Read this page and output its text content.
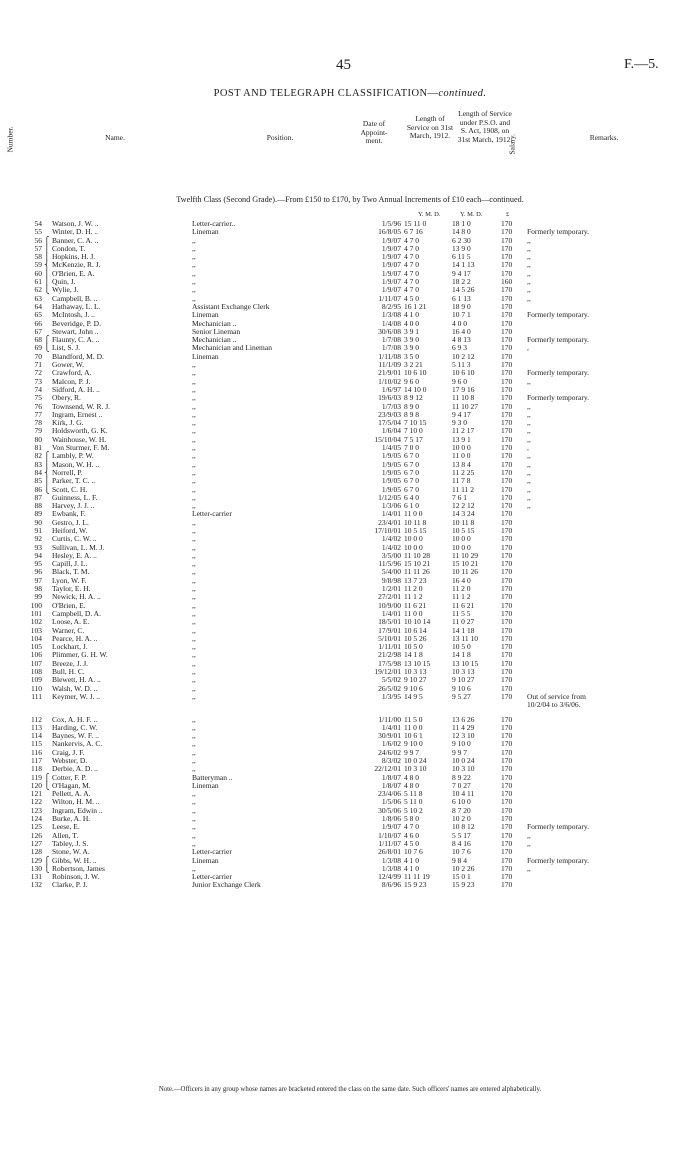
45	F.—5.
POST AND TELEGRAPH CLASSIFICATION—continued.
Number.	Name.	Position.
Date of Appoint- ment.
Length of Service on 31st March, 1912.
Length of Service under P.S.O. and S. Act, 1908, on 31st March, 1912.
Salary.	Remarks.
Twelfth Class (Second Grade).—From £150 to £170, by Two Annual Increments of £10 each—continued.
Y. M. D.	Y. M. D.	£
54 Watson, J. W. ..	Letter-carrier..	1/5/96 15 11 0	18 1 0	170
55 Winter, D. H. ..	Lineman	16/8/05 6 7 16	14 8 0	170	Formerly temporary.
56 ⎧ Banner, C. A. ..	,,	1/9/07 4 7 0	6 2 30	170	,,
57 ⎪ Condon, T.	,,	1/9/07 4 7 0	13 9 0	170	,,
58 ⎪ Hopkins, H. J.	,,	1/9/07 4 7 0	6 11 5	170	,,
59 ⎨ McKenzie, R. J.	,,	1/9/07 4 7 0	14 1 13	170	,,
60 ⎪ O'Brien, E. A.	,,	1/9/07 4 7 0	9 4 17	170	,,
61 ⎪ Quin, J.	,,	1/9/07 4 7 0	18 2 2	160	,,
62 ⎩ Wylie, J.	,,	1/9/07 4 7 0	14 5 26	170	,,
63 Campbell, B. ..	,,	1/11/07 4 5 0	6 1 13	170	,,
64 Hathaway, L. L.	Assistant Exchange Clerk	8/2/95 16 1 21	18 9 0	170
65 McIntosh, J. ..	Lineman	1/3/08 4 1 0	10 7 1	170	Formerly temporary.
66 Beveridge, P. D.	Mechanician ..	1/4/08 4 0 0	4 0 0	170
67 Stewart, John ..	Senior Lineman	30/6/08 3 9 1	16 4 0	170
68 ⎧ Flaunty, C. A. ..	Mechanician ..	1/7/08 3 9 0	4 8 13	170	Formerly temporary.
69 ⎩ List, S. J.	Mechanician and Lineman	1/7/08 3 9 0	6 9 3	170	,
70 Blandford, M. D.	Lineman	1/11/08 3 5 0	10 2 12	170
71 Gower, W.	,,	11/1/09 3 2 21	5 11 3	170
72 Crawford, A.	,,	21/9/01 10 6 10	10 6 10	170	Formerly temporary.
73 Malcon, P. J.	,,	1/10/02 9 6 0	9 6 0	170	,,
74 Sidford, A. H. ..	,,	1/6/97 14 10 0	17 9 16	170
75 Obery, R.	,,	19/6/03 8 9 12	11 10 8	170	Formerly temporary.
76 Townsend, W. R. J.	,,	1/7/03 8 9 0	11 10 27	170	,,
77 Ingram, Ernest ..	,,	23/9/03 8 9 8	9 4 17	170	,,
78 Kirk, J. G.	,,	17/5/04 7 10 15	9 3 0	170	,,
79 Holdsworth, G. K.	,,	1/6/04 7 10 0	11 2 17	170	,,
80 Wainhouse, W. H.	,,	15/10/04 7 5 17	13 9 1	170	,,
81 Von Sturmer, F. M.	,,	1/4/05 7 0 0	10 0 0	170	,
82 ⎧ Lambly, P. W.	,,	1/9/05 6 7 0	11 0 0	170	,,
83 ⎪ Mason, W. H. ..	,,	1/9/05 6 7 0	13 8 4	170	,,
84 ⎨ Norrell, P.	,,	1/9/05 6 7 0	11 2 25	170	,,
85 ⎪ Parker, T. C. ..	,,	1/9/05 6 7 0	11 7 8	170	,,
86 ⎩ Scott, C. H.	,,	1/9/05 6 7 0	11 11 2	170	,,
87 Guinness, L. F.	,,	1/12/05 6 4 0	7 6 1	170	,,
88 Harvey, J. J. ..	,,	1/3/06 6 1 0	12 2 12	170	,,
89 Ewbank, F.	Letter-carrier	1/4/01 11 0 0	14 3 24	170
90 Gestro, J. L.	,,	23/4/01 10 11 8	10 11 8	170
91 Heiford, W.	,,	17/10/01 10 5 15	10 5 15	170
92 Curtis, C. W. ..	,,	1/4/02 10 0 0	10 0 0	170
93 Sullivan, L. M. J.	,,	1/4/02 10 0 0	10 0 0	170
94 Hesley, E. A. ..	,,	3/5/00 11 10 28	11 10 29	170
95 Capill, J. L.	,,	11/5/96 15 10 21	15 10 21	170
96 Black, T. M.	,,	5/4/00 11 11 26	10 11 26	170
97 Lyon, W. F.	,,	9/8/98 13 7 23	16 4 0	170
98 Taylor, E. H.	,,	1/2/01 11 2 0	11 2 0	170
99 Newick, H. A. ..	,,	27/2/01 11 1 2	11 1 2	170
100 O'Brien, E.	,,	10/9/00 11 6 21	11 6 21	170
101 Campbell, D. A.	,,	1/4/01 11 0 0	11 5 5	170
102 Loose, A. E.	,,	18/5/01 10 10 14	11 0 27	170
103 Warner, C.	,,	17/9/01 10 6 14	14 1 18	170
104 Pearce, H. A. ..	,,	5/10/01 10 5 26	13 11 10	170
105 Lockhart, J.	,,	1/11/01 10 5 0	10 5 0	170
106 Plimmer, G. H. W.	,,	21/2/98 14 1 8	14 1 8	170
107 Breeze, J. J.	,,	17/5/98 13 10 15	13 10 15	170
108 Bull, H. C.	,,	19/12/01 10 3 13	10 3 13	170
109 Blewett, H. A. ..	,,	5/5/02 9 10 27	9 10 27	170
110 Walsh, W. D. ..	,,	26/5/02 9 10 6	9 10 6	170
111 Keymer, W. J. ..	,,	1/3/95 14 9 5	9 5 27	170	Out of service from
10/2/04 to 3/6/06.
112 Cox, A. H. F. ..	,,	1/11/00 11 5 0	13 6 26	170
113 Harding, C. W.	,,	1/4/01 11 0 0	11 4 29	170
114 Baynes, W. F. ..	,,	30/9/01 10 6 1	12 3 10	170
115 Nankervis, A. C.	,,	1/6/02 9 10 0	9 10 0	170
116 Craig, J. F.	,,	24/6/02 9 9 7	9 9 7	170
117 Webster, D.	,,	8/3/02 10 0 24	10 0 24	170
118 Derbie, A. D. ..	,,	22/12/01 10 3 10	10 3 10	170
119 ⎧ Cotter, F. P.	Batteryman ..	1/8/07 4 8 0	8 9 22	170
120 ⎩ O'Hagan, M.	Lineman	1/8/07 4 8 0	7 0 27	170
121 Pellett, A. A.	,,	23/4/06 5 11 8	10 4 11	170
122 Wilton, H. M. ..	,,	1/5/06 5 11 0	6 10 0	170
123 Ingram, Edwin ..	,,	30/5/06 5 10 2	8 7 20	170
124 Burke, A. H.	,,	1/8/06 5 8 0	10 2 0	170
125 Leese, E.	,,	1/9/07 4 7 0	10 8 12	170	Formerly temporary.
126 Allen, T.	,,	1/10/07 4 6 0	5 5 17	170	,,
127 Tabley, J. S.	,,	1/11/07 4 5 0	8 4 16	170	,,
128 Stone, W. A.	Letter-carrier	26/8/01 10 7 6	10 7 6	170
129 ⎧ Gibbs, W. H. ..	Lineman	1/3/08 4 1 0	9 8 4	170	Formerly temporary.
130 ⎩ Robertson, James	,,	1/3/08 4 1 0	10 2 26	170	,,
131 Robinson, J. W.	Letter-carrier	12/4/99 11 11 19	15 0 1	170
132 Clarke, P. J.	Junior Exchange Clerk	8/6/96 15 9 23	15 9 23	170
Note.—Officers in any group whose names are bracketed entered the class on the same date. Such officers' names are entered alphabetically.
